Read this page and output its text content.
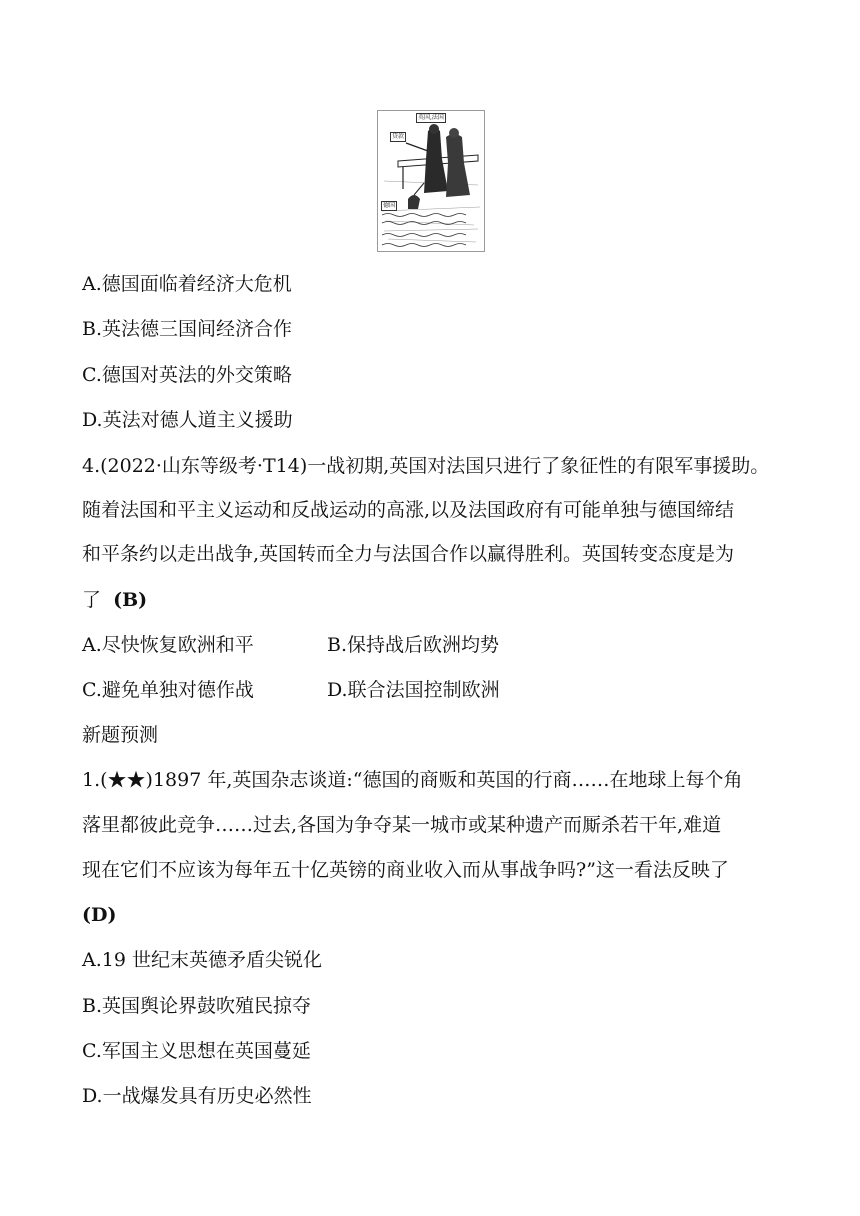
英国,法国
贷款
德国
A.德国面临着经济大危机
B.英法德三国间经济合作
C.德国对英法的外交策略
D.英法对德人道主义援助
4.(2022·山东等级考·T14)一战初期,英国对法国只进行了象征性的有限军事援助。
随着法国和平主义运动和反战运动的高涨,以及法国政府有可能单独与德国缔结
和平条约以走出战争,英国转而全力与法国合作以赢得胜利。英国转变态度是为
了 (B)
A.尽快恢复欧洲和平	B.保持战后欧洲均势
C.避免单独对德作战	D.联合法国控制欧洲
新题预测
1.(★★)1897 年,英国杂志谈道:“德国的商贩和英国的行商……在地球上每个角
落里都彼此竞争……过去,各国为争夺某一城市或某种遗产而厮杀若干年,难道
现在它们不应该为每年五十亿英镑的商业收入而从事战争吗?”这一看法反映了
(D)
A.19 世纪末英德矛盾尖锐化
B.英国舆论界鼓吹殖民掠夺
C.军国主义思想在英国蔓延
D.一战爆发具有历史必然性
